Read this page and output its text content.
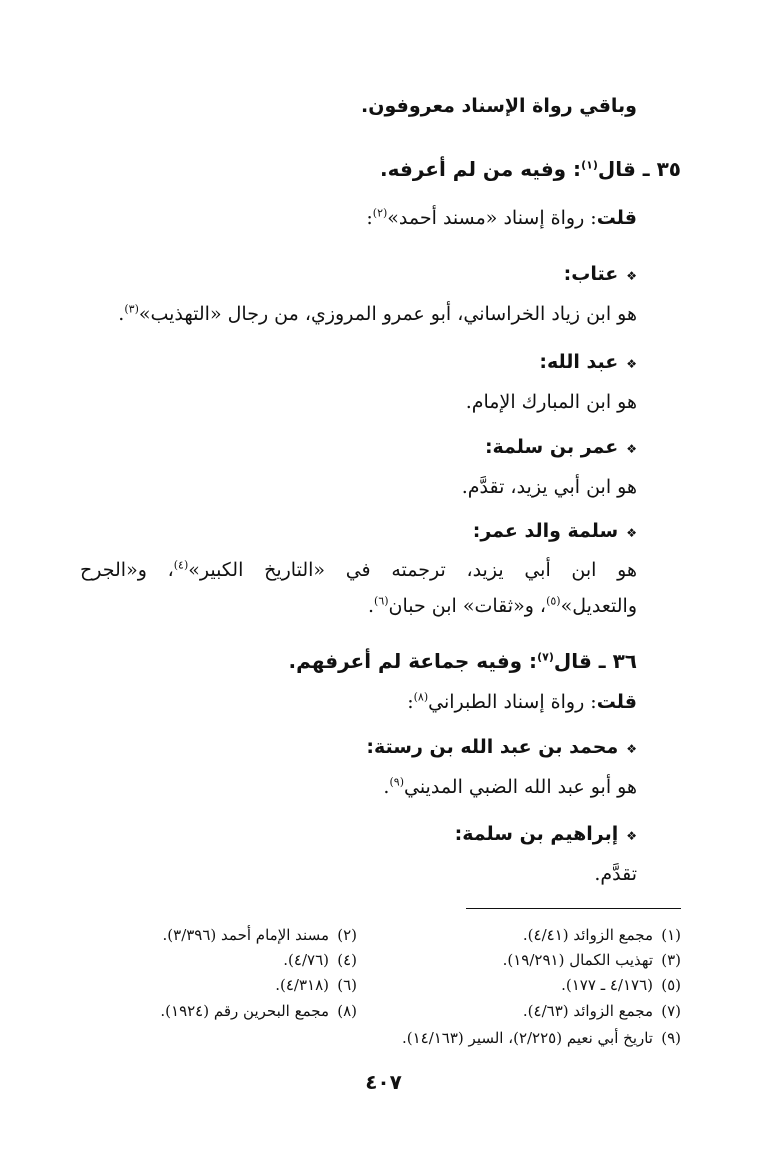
وباقي رواة الإسناد معروفون.
٣٥ ـ قال$^{(١)}$: وفيه من لم أعرفه.
قلت: رواة إسناد «مسند أحمد»$^{(٢)}$:
❖عتاب:
هو ابن زياد الخراساني، أبو عمرو المروزي، من رجال «التهذيب»$^{(٣)}$.
❖عبد الله:
هو ابن المبارك الإمام.
❖عمر بن سلمة:
هو ابن أبي يزيد، تقدَّم.
❖سلمة والد عمر:
هو ابن أبي يزيد، ترجمته في «التاريخ الكبير»$^{(٤)}$، و«الجرح
والتعديل»$^{(٥)}$، و«ثقات» ابن حبان$^{(٦)}$.
٣٦ ـ قال$^{(٧)}$: وفيه جماعة لم أعرفهم.
قلت: رواة إسناد الطبراني$^{(٨)}$:
❖محمد بن عبد الله بن رستة:
هو أبو عبد الله الضبي المديني$^{(٩)}$.
❖إبراهيم بن سلمة:
تقدَّم.
(١)مجمع الزوائد (٤/٤١).
(٢)مسند الإمام أحمد (٣/٣٩٦).
(٣)تهذيب الكمال (١٩/٢٩١).
(٤)(٤/٧٦).
(٥)(٤/١٧٦ ـ ١٧٧).
(٦)(٤/٣١٨).
(٧)مجمع الزوائد (٤/٦٣).
(٨)مجمع البحرين رقم (١٩٢٤).
(٩)تاريخ أبي نعيم (٢/٢٢٥)، السير (١٤/١٦٣).
٤٠٧
